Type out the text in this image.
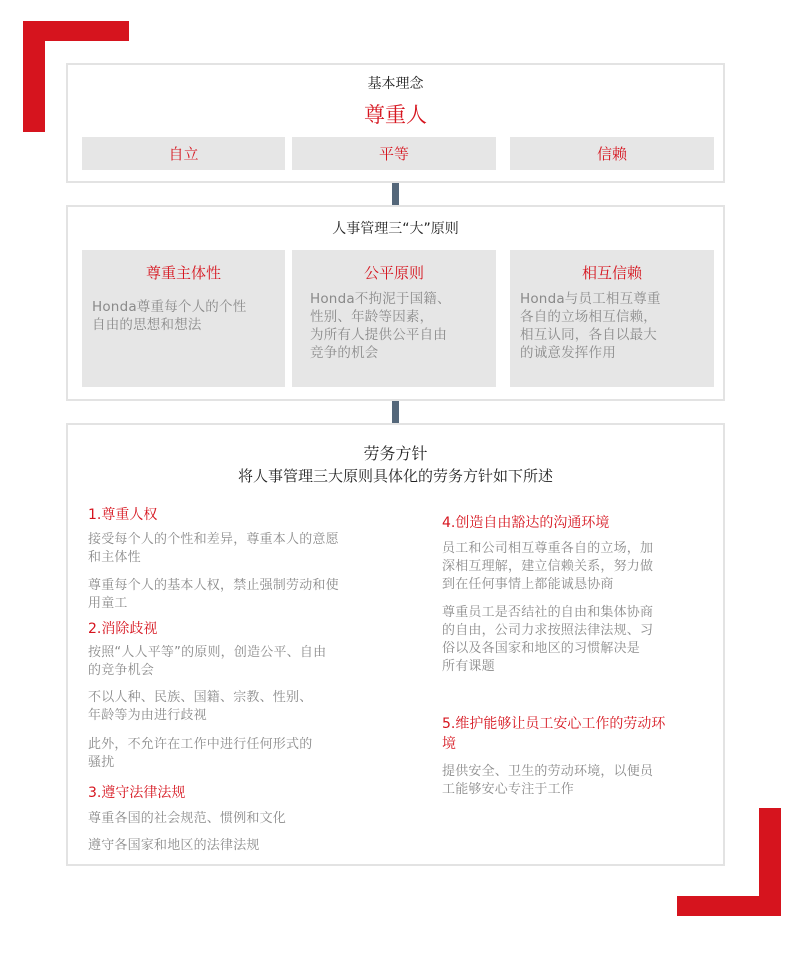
基本理念
尊重人
自立	平等	信赖
人事管理三“大”原则
尊重主体性
Honda尊重每个人的个性
自由的思想和想法
公平原则
Honda不拘泥于国籍、
性别、年龄等因素，
为所有人提供公平自由
竞争的机会
相互信赖
Honda与员工相互尊重
各自的立场相互信赖，
相互认同，各自以最大
的诚意发挥作用
劳务方针
将人事管理三大原则具体化的劳务方针如下所述
1.尊重人权
接受每个人的个性和差异，尊重本人的意愿
和主体性
尊重每个人的基本人权，禁止强制劳动和使
用童工
2.消除歧视
按照“人人平等”的原则，创造公平、自由
的竞争机会
不以人种、民族、国籍、宗教、性别、
年龄等为由进行歧视
此外，不允许在工作中进行任何形式的
骚扰
3.遵守法律法规
尊重各国的社会规范、惯例和文化
遵守各国家和地区的法律法规
4.创造自由豁达的沟通环境
员工和公司相互尊重各自的立场，加
深相互理解，建立信赖关系，努力做
到在任何事情上都能诚恳协商
尊重员工是否结社的自由和集体协商
的自由，公司力求按照法律法规、习
俗以及各国家和地区的习惯解决是
所有课题
5.维护能够让员工安心工作的劳动环
境
提供安全、卫生的劳动环境，以便员
工能够安心专注于工作
